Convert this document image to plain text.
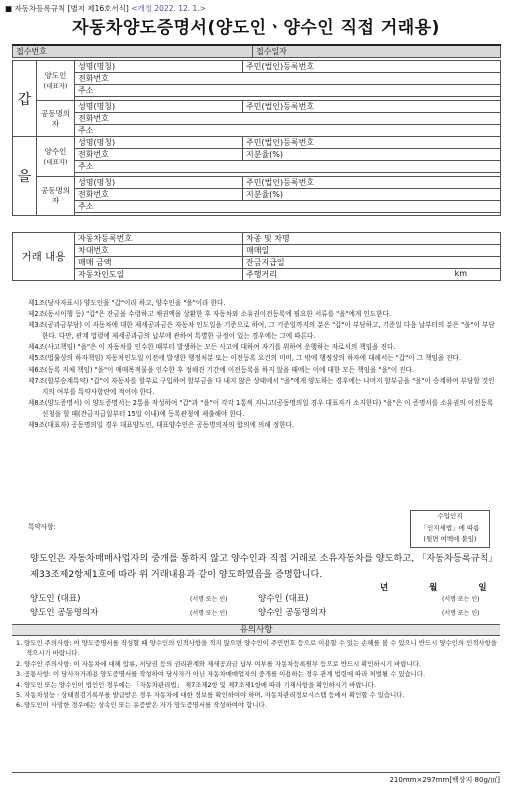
■ 자동차등록규칙 [별지 제16호서식] <개정 2022. 12. 1.>
자동차양도증명서(양도인ㆍ양수인 직접 거래용)
접수번호	접수일자
갑	양도인
(대표자)	성명(명칭)	주민(법인)등록번호
		전화번호	
		주소	

	공동명의자	성명(명칭)	주민(법인)등록번호
		전화번호	
		주소	
을	양수인
(대표자)	성명(명칭)	주민(법인)등록번호
		전화번호	지분율(%)
		주소	

	공동명의자	성명(명칭)	주민(법인)등록번호
		전화번호	지분율(%)
		주소	

거래 내용	자동차등록번호	차종 및 차명
	차대번호	매매일
	매매 금액	잔금지급일
	자동차인도일	주행거리 km

제1조(당사자표시) 양도인을 "갑"이라 하고, 양수인을 "을"이라 한다.

제2조(동시이행 등) "갑"은 잔금을 수령하고 채권액을 상환한 후 자동차와 소유권이전등록에 필요한 서류를 "을"에게 인도한다.

제3조(공과금부담) 이 자동차에 대한 제세공과금은 자동차 인도일을 기준으로 하여, 그 기준일까지의 분은 "갑"이 부담하고, 기준일 다음 날부터의 분은 "을"이 부담한다. 다만, 관계 법령에 제세공과금의 납부에 관하여 특별한 규정이 있는 경우에는 그에 따른다.

제4조(사고책임) "을"은 이 자동차를 인수한 때부터 발생하는 모든 사고에 대하여 자기를 위하여 운행하는 자로서의 책임을 진다.

제5조(법률상의 하자책임) 자동차인도일 이전에 발생한 행정처분 또는 이전등록 요건의 미비, 그 밖에 행정상의 하자에 대해서는 "갑"이 그 책임을 진다.

제6조(등록 지체 책임) "을"이 매매목적물을 인수한 후 정해진 기간에 이전등록을 하지 않을 때에는 이에 대한 모든 책임을 "을"이 진다.

제7조(할부승계특약) "갑"이 자동차를 할부로 구입하여 할부금을 다 내지 않은 상태에서 "을"에게 양도하는 경우에는 나머지 할부금을 "을"이 승계하여 부담할 것인지의 여부를 특약사항란에 적어야 한다.

제8조(양도증명서) 이 양도증명서는 2통을 작성하여 "갑"과 "을"이 각각 1통씩 지니고(공동명의일 경우 대표자가 소지한다) "을"은 이 증명서를 소유권의 이전등록 신청을 할 때(잔금지급일부터 15일 이내)에 등록관청에 제출해야 한다.

제9조(대표자) 공동명의일 경우 대표양도인, 대표양수인은 공동명의자의 합의에 의해 정한다.

특약사항:
수입인지
「인지세법」에 따름
(뒷면 여백에 붙임)
양도인은 자동차매매사업자의 중개를 통하지 않고 양수인과 직접 거래로 소유자동차를 양도하고, 「자동차등록규칙」 제33조제2항제1호에 따라 위 거래내용과 같이 양도하였음을 증명합니다.
년 월 일
양도인 (대표)	(서명 또는 인)	양수인 (대표)	(서명 또는 인)
양도인 공동명의자	(서명 또는 인)	양수인 공동명의자	(서명 또는 인)
유의사항

1. 양도인 주의사항: 이 양도증명서를 작성할 때 양수인의 인적사항을 적지 않으면 양수인이 주민번호 등으로 이용할 수 있는 손해를 볼 수 있으니 반드시 양수인의 인적사항을 적으시기 바랍니다.

2. 양수인 주의사항: 이 자동차에 대해 압류, 저당권 등의 권리관계와 제세공과금 납부 여부를 자동차등록원부 등으로 반드시 확인하시기 바랍니다.

3. 공통사항: 이 당사자거래용 양도증명서를 작성하여 당사자가 아닌 자동차매매업자의 중개를 이용하는 경우 관계 법령에 따라 처벌될 수 있습니다.

4. 양도인 또는 양수인이 법인인 경우에는 「자동차관리법」 제7조제2항 및 제7조제1항에 따라 기재사항을 확인하시기 바랍니다.

5. 자동차성능ㆍ상태점검기록부를 발급받은 경우 자동차에 대한 정보를 확인하여야 하며, 자동차관리정보시스템 등에서 확인할 수 있습니다.

6. 양도인이 사망한 경우에는 상속인 또는 유증받은 자가 양도증명서를 작성하여야 합니다.

210mm×297mm[백상지 80g/㎡]
